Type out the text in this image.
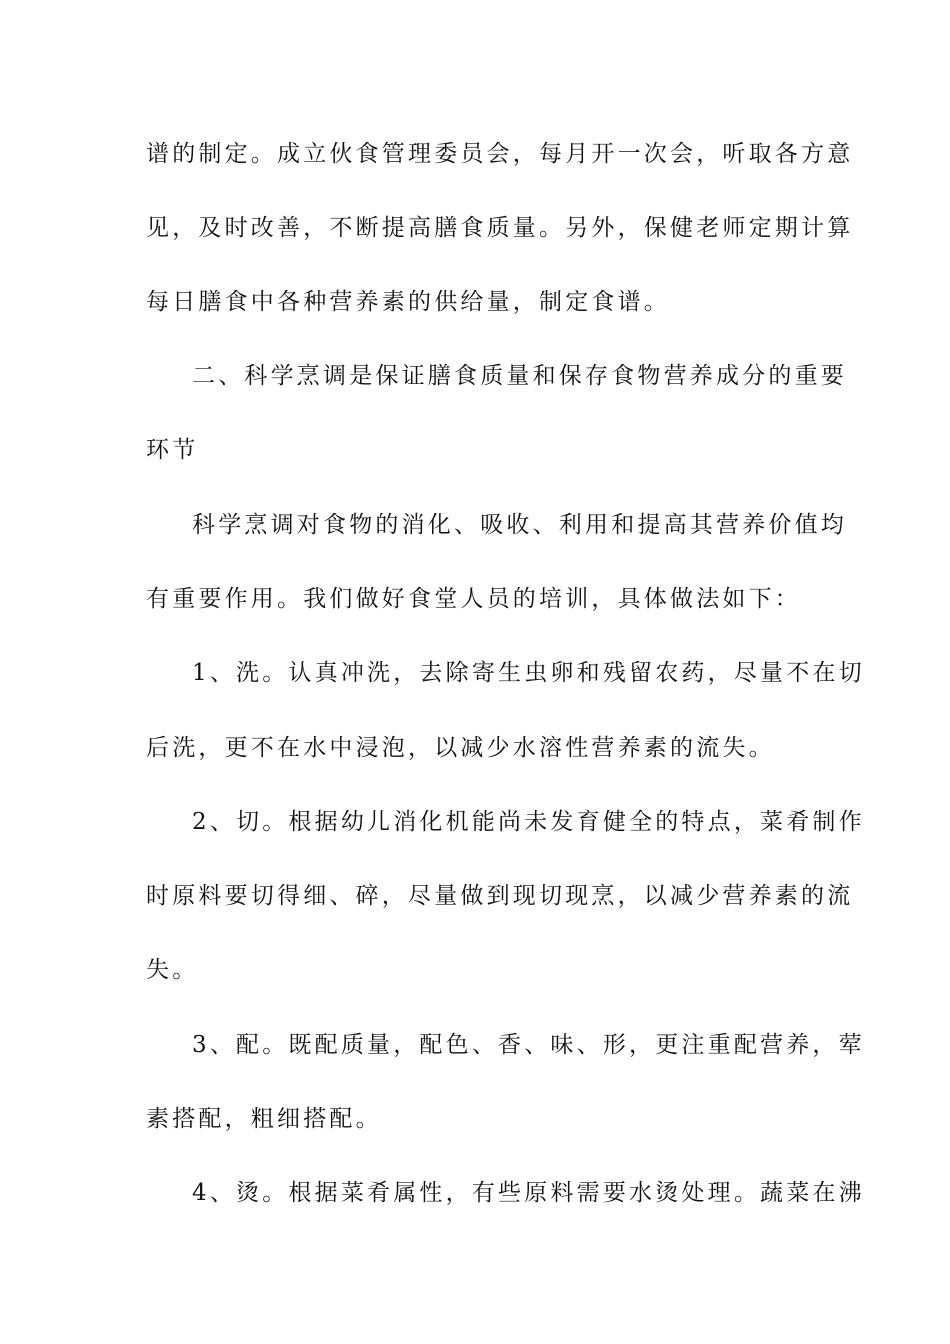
谱的制定。成立伙食管理委员会，每月开一次会，听取各方意

见，及时改善，不断提高膳食质量。另外，保健老师定期计算

每日膳食中各种营养素的供给量，制定食谱。

二、科学烹调是保证膳食质量和保存食物营养成分的重要

环节

科学烹调对食物的消化、吸收、利用和提高其营养价值均

有重要作用。我们做好食堂人员的培训，具体做法如下：

1、洗。认真冲洗，去除寄生虫卵和残留农药，尽量不在切

后洗，更不在水中浸泡，以减少水溶性营养素的流失。

2、切。根据幼儿消化机能尚未发育健全的特点，菜肴制作

时原料要切得细、碎，尽量做到现切现烹，以减少营养素的流

失。

3、配。既配质量，配色、香、味、形，更注重配营养，荤

素搭配，粗细搭配。

4、烫。根据菜肴属性，有些原料需要水烫处理。蔬菜在沸
